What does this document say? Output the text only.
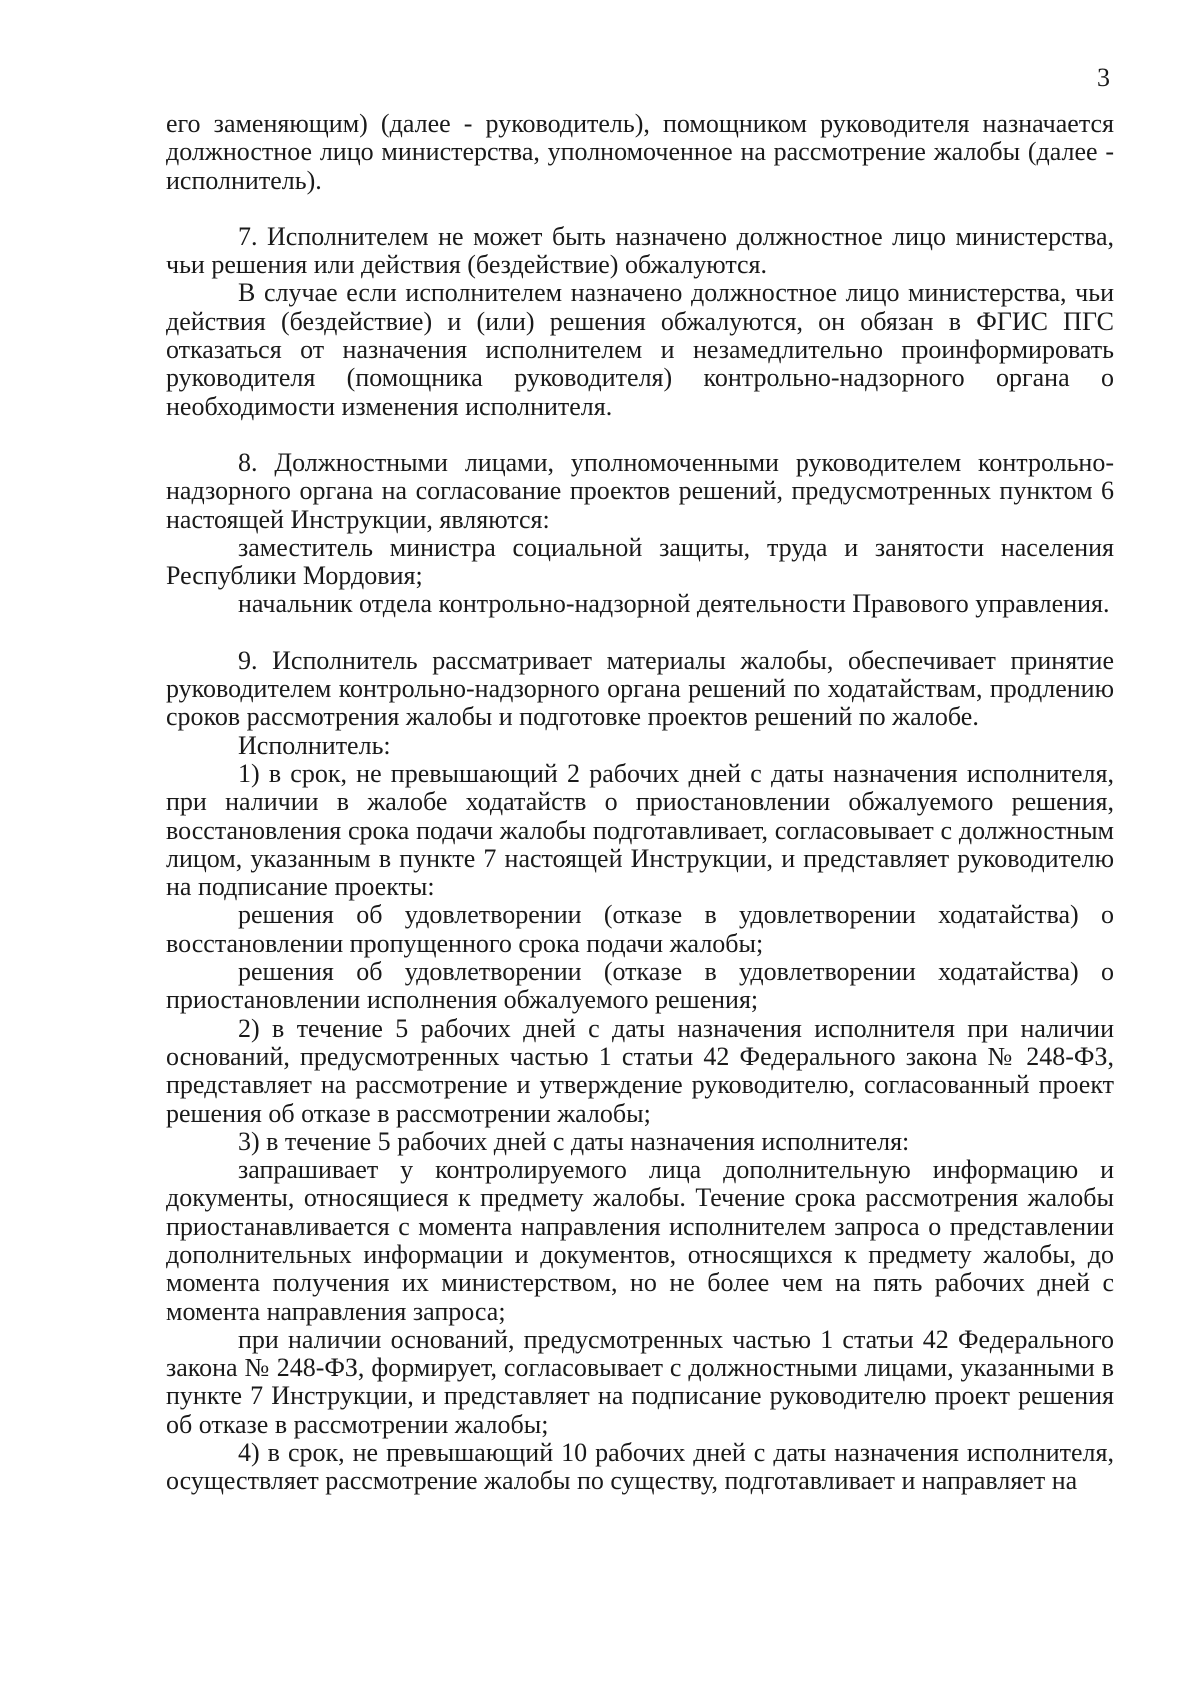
3

его заменяющим) (далее - руководитель), помощником руководителя назначается должностное лицо министерства, уполномоченное на рассмотрение жалобы (далее - исполнитель).

7. Исполнителем не может быть назначено должностное лицо министерства, чьи решения или действия (бездействие) обжалуются.

В случае если исполнителем назначено должностное лицо министерства, чьи действия (бездействие) и (или) решения обжалуются, он обязан в ФГИС ПГС отказаться от назначения исполнителем и незамедлительно проинформировать руководителя (помощника руководителя) контрольно-надзорного органа о необходимости изменения исполнителя.

8. Должностными лицами, уполномоченными руководителем контрольно-надзорного органа на согласование проектов решений, предусмотренных пунктом 6 настоящей Инструкции, являются:

заместитель министра социальной защиты, труда и занятости населения Республики Мордовия;

начальник отдела контрольно-надзорной деятельности Правового управления.

9. Исполнитель рассматривает материалы жалобы, обеспечивает принятие руководителем контрольно-надзорного органа решений по ходатайствам, продлению сроков рассмотрения жалобы и подготовке проектов решений по жалобе.

Исполнитель:

1) в срок, не превышающий 2 рабочих дней с даты назначения исполнителя, при наличии в жалобе ходатайств о приостановлении обжалуемого решения, восстановления срока подачи жалобы подготавливает, согласовывает с должностным лицом, указанным в пункте 7 настоящей Инструкции, и представляет руководителю на подписание проекты:

решения об удовлетворении (отказе в удовлетворении ходатайства) о восстановлении пропущенного срока подачи жалобы;

решения об удовлетворении (отказе в удовлетворении ходатайства) о приостановлении исполнения обжалуемого решения;

2) в течение 5 рабочих дней с даты назначения исполнителя при наличии оснований, предусмотренных частью 1 статьи 42 Федерального закона № 248-ФЗ, представляет на рассмотрение и утверждение руководителю, согласованный проект решения об отказе в рассмотрении жалобы;

3) в течение 5 рабочих дней с даты назначения исполнителя:

запрашивает у контролируемого лица дополнительную информацию и документы, относящиеся к предмету жалобы. Течение срока рассмотрения жалобы приостанавливается с момента направления исполнителем запроса о представлении дополнительных информации и документов, относящихся к предмету жалобы, до момента получения их министерством, но не более чем на пять рабочих дней с момента направления запроса;

при наличии оснований, предусмотренных частью 1 статьи 42 Федерального закона № 248-ФЗ, формирует, согласовывает с должностными лицами, указанными в пункте 7 Инструкции, и представляет на подписание руководителю проект решения об отказе в рассмотрении жалобы;

4) в срок, не превышающий 10 рабочих дней с даты назначения исполнителя, осуществляет рассмотрение жалобы по существу, подготавливает и направляет на
